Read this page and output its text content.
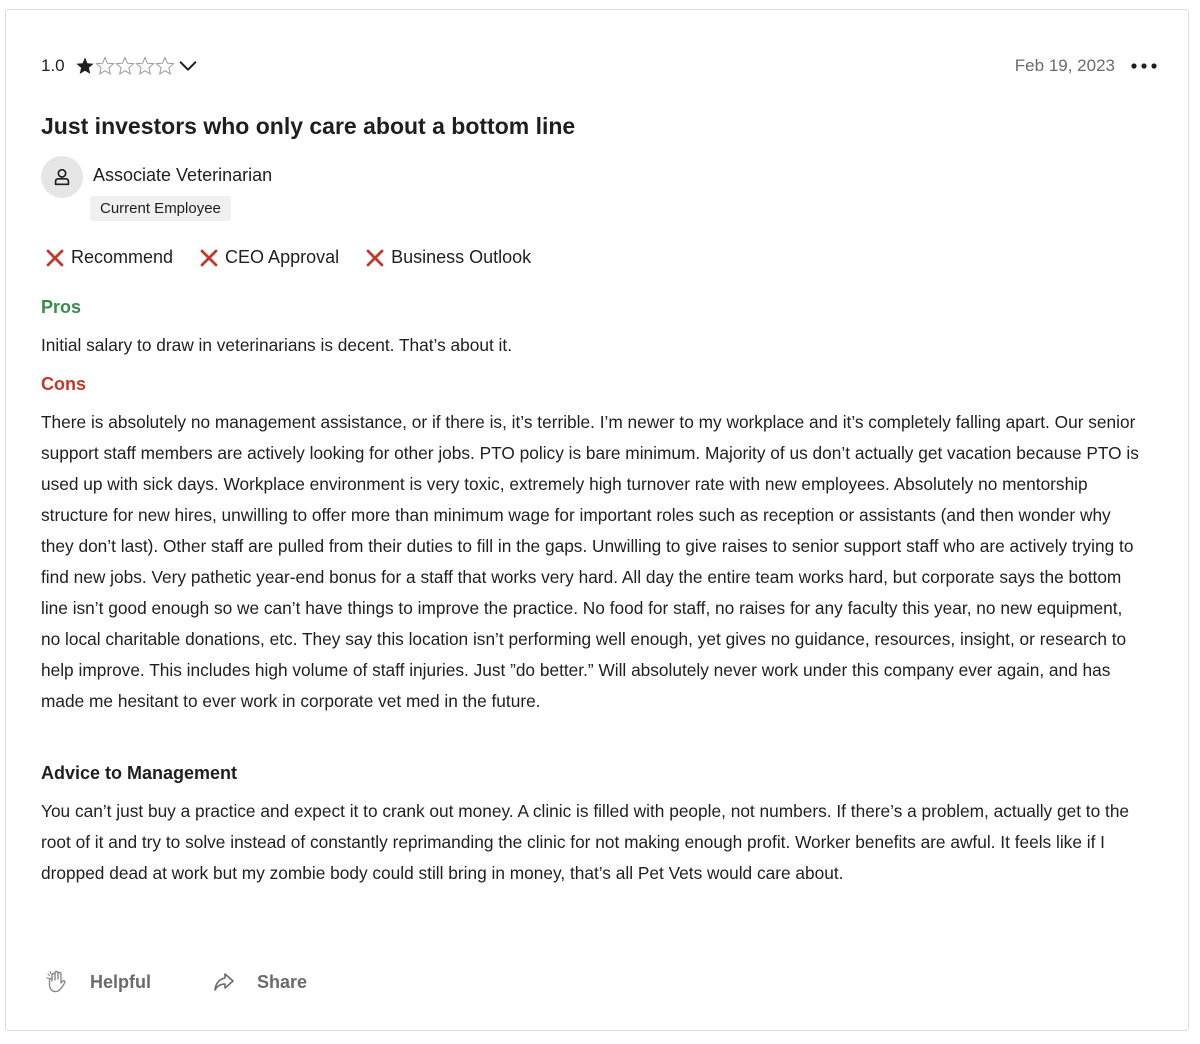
1.0	Feb 19, 2023
Just investors who only care about a bottom line
Associate Veterinarian
Current Employee
Recommend	CEO Approval	Business Outlook
Pros

Initial salary to draw in veterinarians is decent. That’s about it.

Cons

There is absolutely no management assistance, or if there is, it’s terrible. I’m newer to my workplace and it’s completely falling apart. Our senior support staff members are actively looking for other jobs. PTO policy is bare minimum. Majority of us don’t actually get vacation because PTO is used up with sick days. Workplace environment is very toxic, extremely high turnover rate with new employees. Absolutely no mentorship structure for new hires, unwilling to offer more than minimum wage for important roles such as reception or assistants (and then wonder why they don’t last). Other staff are pulled from their duties to fill in the gaps. Unwilling to give raises to senior support staff who are actively trying to find new jobs. Very pathetic year-end bonus for a staff that works very hard. All day the entire team works hard, but corporate says the bottom line isn’t good enough so we can’t have things to improve the practice. No food for staff, no raises for any faculty this year, no new equipment, no local charitable donations, etc. They say this location isn’t performing well enough, yet gives no guidance, resources, insight, or research to help improve. This includes high volume of staff injuries. Just ”do better.” Will absolutely never work under this company ever again, and has made me hesitant to ever work in corporate vet med in the future.

Advice to Management

You can’t just buy a practice and expect it to crank out money. A clinic is filled with people, not numbers. If there’s a problem, actually get to the root of it and try to solve instead of constantly reprimanding the clinic for not making enough profit. Worker benefits are awful. It feels like if I dropped dead at work but my zombie body could still bring in money, that’s all Pet Vets would care about.

Helpful	Share
